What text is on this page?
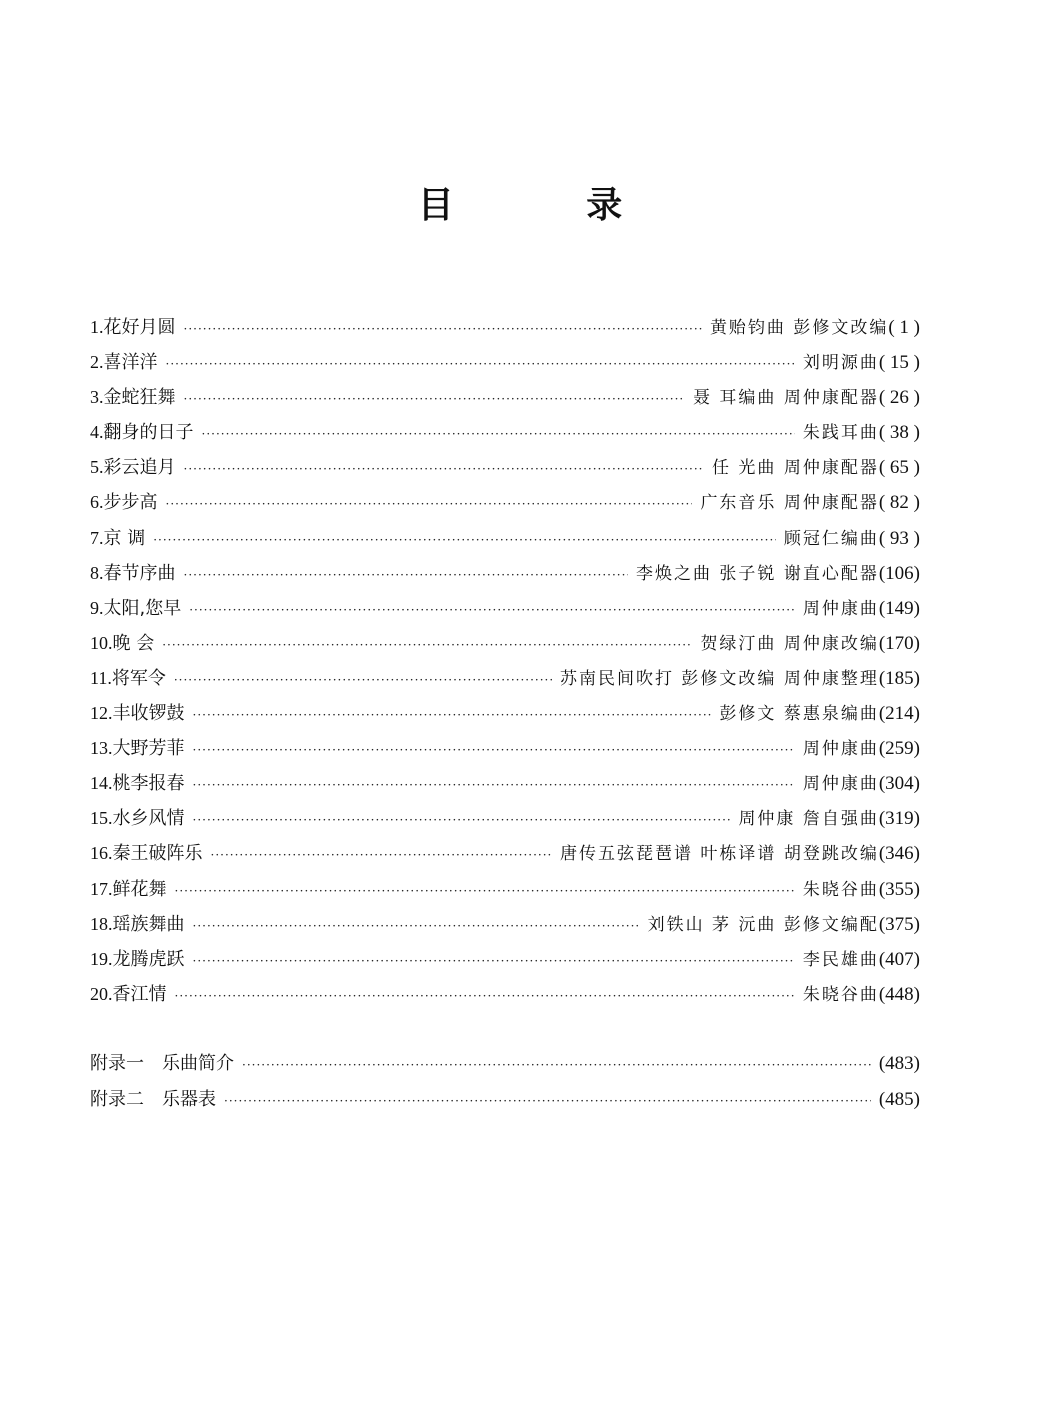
目 录
1. 花好月圆 ·····	黄贻钧曲 彭修文改编 ( 1 )
2. 喜洋洋 ·····	刘明源曲 ( 15 )
3. 金蛇狂舞 ·····	聂 耳编曲 周仲康配器 ( 26 )
4. 翻身的日子 ·····	朱践耳曲 ( 38 )
5. 彩云追月 ·····	任 光曲 周仲康配器 ( 65 )
6. 步步高 ·····	广东音乐 周仲康配器 ( 82 )
7. 京 调 ·····	顾冠仁编曲 ( 93 )
8. 春节序曲 ·····	李焕之曲 张子锐 谢直心配器 (106)
9. 太阳,您早 ·····	周仲康曲 (149)
10. 晚 会 ·····	贺绿汀曲 周仲康改编 (170)
11. 将军令 ·····	苏南民间吹打 彭修文改编 周仲康整理 (185)
12. 丰收锣鼓 ·····	彭修文 蔡惠泉编曲 (214)
13. 大野芳菲 ·····	周仲康曲 (259)
14. 桃李报春 ·····	周仲康曲 (304)
15. 水乡风情 ·····	周仲康 詹自强曲 (319)
16. 秦王破阵乐 ·····	唐传五弦琵琶谱 叶栋译谱 胡登跳改编 (346)
17. 鲜花舞 ·····	朱晓谷曲 (355)
18. 瑶族舞曲 ·····	刘铁山 茅 沅曲 彭修文编配 (375)
19. 龙腾虎跃 ·····	李民雄曲 (407)
20. 香江情 ·····	朱晓谷曲 (448)
附录一 乐曲简介 ·····	(483)
附录二 乐器表 ·····	(485)
